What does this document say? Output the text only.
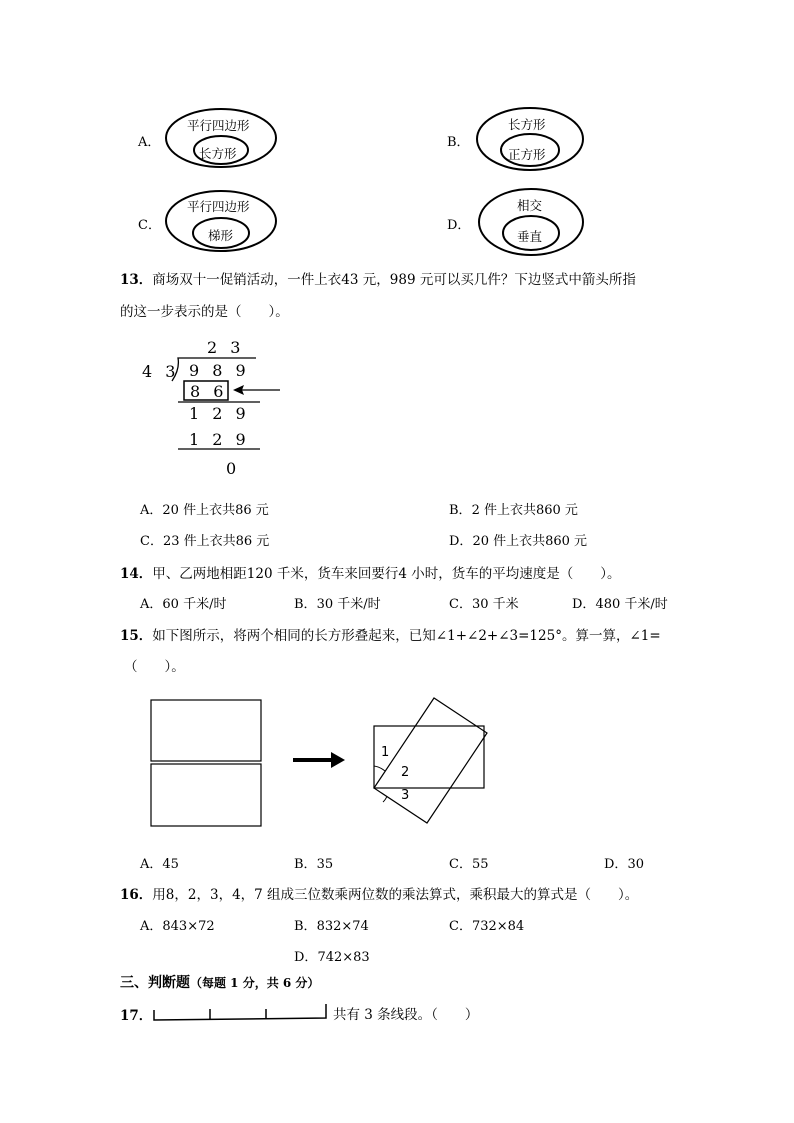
A．
平行四边形
长方形
B．
长方形
正方形
C．
平行四边形
梯形
D．
相交
垂直
13．商场双十一促销活动，一件上衣43 元，989 元可以买几件？下边竖式中箭头所指
的这一步表示的是（　　）。
2 3
4 3 9 8 9
8 6
1 2 9
1 2 9
0
A．20 件上衣共86 元	B．2 件上衣共860 元
C．23 件上衣共86 元	D．20 件上衣共860 元
14．甲、乙两地相距120 千米，货车来回要行4 小时，货车的平均速度是（　　）。
A．60 千米/时	B．30 千米/时	C．30 千米	D．480 千米/时
15．如下图所示，将两个相同的长方形叠起来，已知∠1+∠2+∠3=125°。算一算，∠1=
（　　）。
1
2
3
A．45	B．35	C．55	D．30
16．用8，2，3，4，7 组成三位数乘两位数的乘法算式，乘积最大的算式是（　　）。
A．843×72	B．832×74	C．732×84
D．742×83
三、判断题（每题 1 分，共 6 分）
17．	共有 3 条线段。（　　）
